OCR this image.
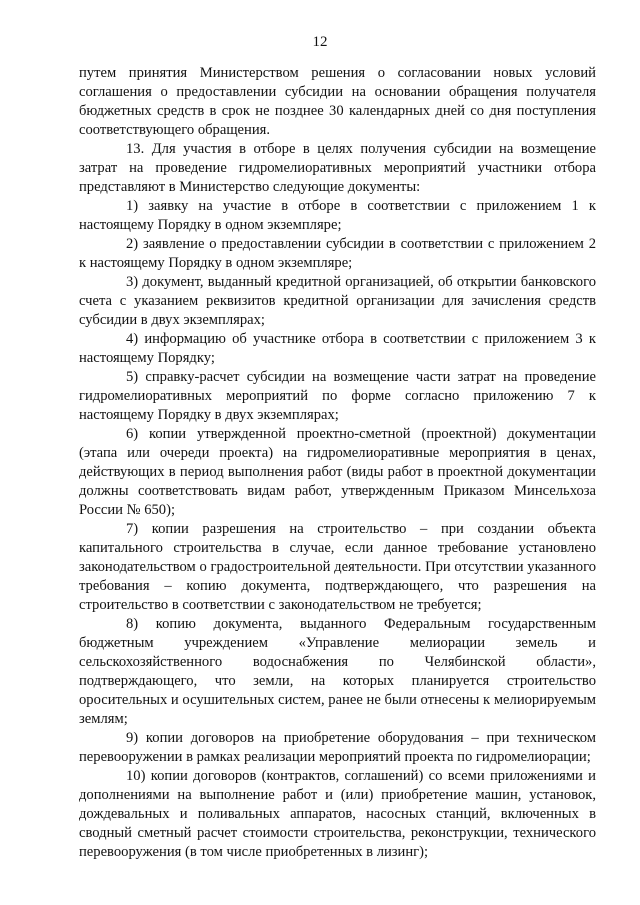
12

путем принятия Министерством решения о согласовании новых условий соглашения о предоставлении субсидии на основании обращения получателя бюджетных средств в срок не позднее 30 календарных дней со дня поступления соответствующего обращения.

13. Для участия в отборе в целях получения субсидии на возмещение затрат на проведение гидромелиоративных мероприятий участники отбора представляют в Министерство следующие документы:

1) заявку на участие в отборе в соответствии с приложением 1 к настоящему Порядку в одном экземпляре;

2) заявление о предоставлении субсидии в соответствии с приложением 2 к настоящему Порядку в одном экземпляре;

3) документ, выданный кредитной организацией, об открытии банковского счета с указанием реквизитов кредитной организации для зачисления средств субсидии в двух экземплярах;

4) информацию об участнике отбора в соответствии с приложением 3 к настоящему Порядку;

5) справку-расчет субсидии на возмещение части затрат на проведение гидромелиоративных мероприятий по форме согласно приложению 7 к настоящему Порядку в двух экземплярах;

6) копии утвержденной проектно-сметной (проектной) документации (этапа или очереди проекта) на гидромелиоративные мероприятия в ценах, действующих в период выполнения работ (виды работ в проектной документации должны соответствовать видам работ, утвержденным Приказом Минсельхоза России № 650);

7) копии разрешения на строительство – при создании объекта капитального строительства в случае, если данное требование установлено законодательством о градостроительной деятельности. При отсутствии указанного требования – копию документа, подтверждающего, что разрешения на строительство в соответствии с законодательством не требуется;

8) копию документа, выданного Федеральным государственным бюджетным учреждением «Управление мелиорации земель и сельскохозяйственного водоснабжения по Челябинской области», подтверждающего, что земли, на которых планируется строительство оросительных и осушительных систем, ранее не были отнесены к мелиорируемым землям;

9) копии договоров на приобретение оборудования – при техническом перевооружении в рамках реализации мероприятий проекта по гидромелиорации;

10) копии договоров (контрактов, соглашений) со всеми приложениями и дополнениями на выполнение работ и (или) приобретение машин, установок, дождевальных и поливальных аппаратов, насосных станций, включенных в сводный сметный расчет стоимости строительства, реконструкции, технического перевооружения (в том числе приобретенных в лизинг);
